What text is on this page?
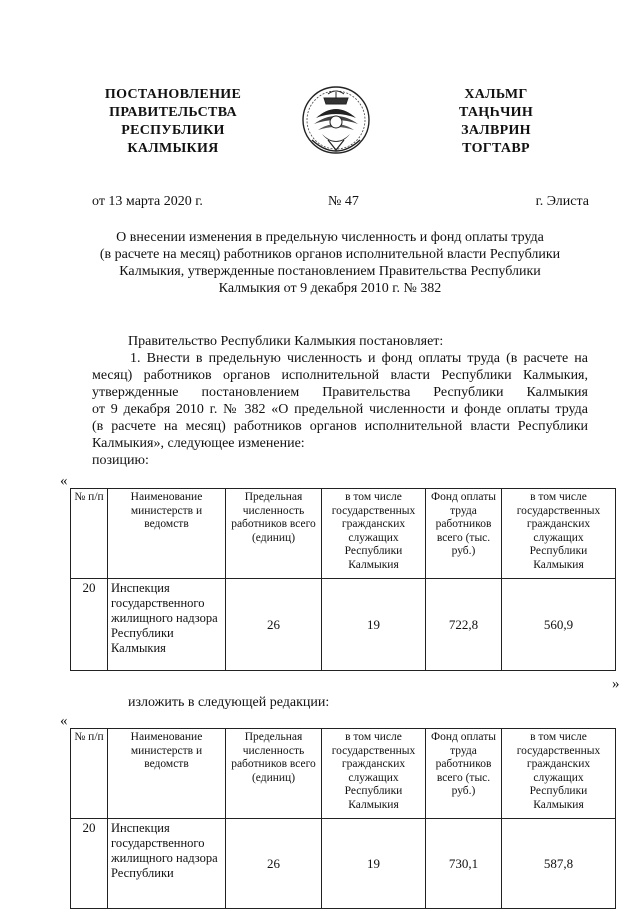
ПОСТАНОВЛЕНИЕ
ПРАВИТЕЛЬСТВА
РЕСПУБЛИКИ
КАЛМЫКИЯ
ХАЛЬМГ
ТАҢҺЧИН
ЗАЛВРИН
ТОГТАВР
от 13 марта 2020 г.	№ 47	г. Элиста
О внесении изменения в предельную численность и фонд оплаты труда
(в расчете на месяц) работников органов исполнительной власти Республики
Калмыкия, утвержденные постановлением Правительства Республики
Калмыкия от 9 декабря 2010 г. № 382
Правительство Республики Калмыкия постановляет:
1. Внести в предельную численность и фонд оплаты труда (в расчете на
месяц) работников органов исполнительной власти Республики Калмыкия,
утвержденные постановлением Правительства Республики Калмыкия
от 9 декабря 2010 г. № 382 «О предельной численности и фонде оплаты труда
(в расчете на месяц) работников органов исполнительной власти Республики
Калмыкия», следующее изменение:
позицию:
«
№ п/п	Наименование министерств и ведомств	Предельная численность работников всего (единиц)	в том числе государственных гражданских служащих Республики Калмыкия	Фонд оплаты труда работников всего (тыс. руб.)	в том числе государственных гражданских служащих Республики Калмыкия
20	Инспекция государственного жилищного надзора Республики Калмыкия	26	19	722,8	560,9
»
изложить в следующей редакции:
«
№ п/п	Наименование министерств и ведомств	Предельная численность работников всего (единиц)	в том числе государственных гражданских служащих Республики Калмыкия	Фонд оплаты труда работников всего (тыс. руб.)	в том числе государственных гражданских служащих Республики Калмыкия
20	Инспекция государственного жилищного надзора Республики	26	19	730,1	587,8
